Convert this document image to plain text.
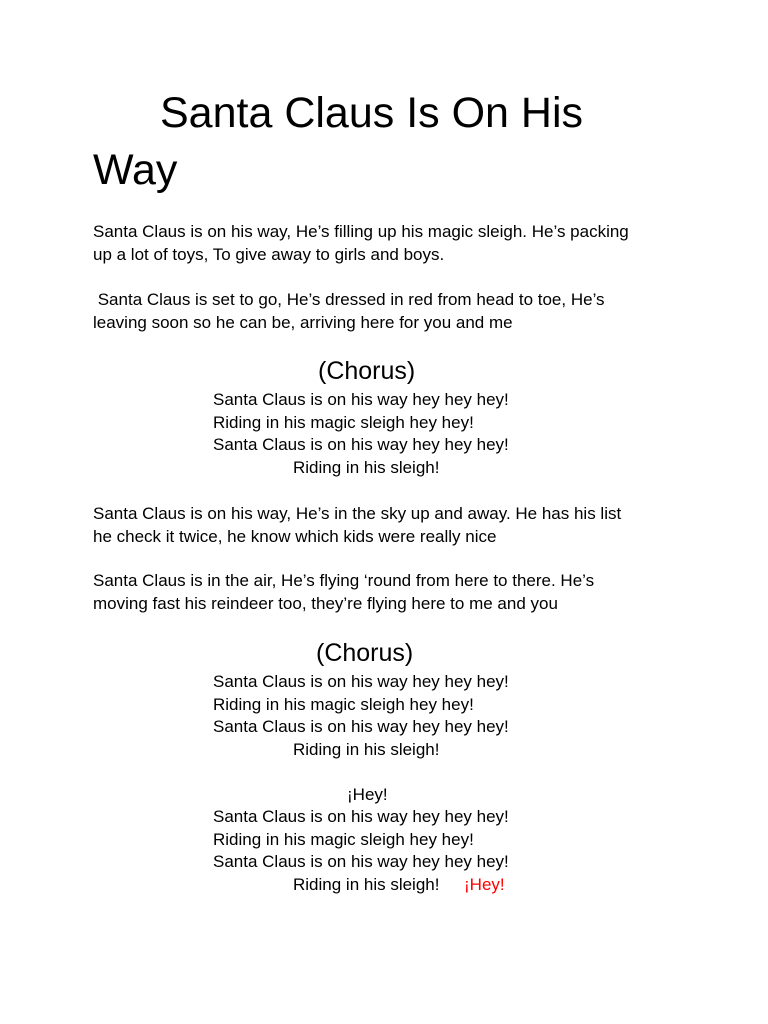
Santa Claus Is On His
Way
Santa Claus is on his way, He’s filling up his magic sleigh. He’s packing
up a lot of toys, To give away to girls and boys.
Santa Claus is set to go, He’s dressed in red from head to toe, He’s
leaving soon so he can be, arriving here for you and me
(Chorus)
Santa Claus is on his way hey hey hey!
Riding in his magic sleigh hey hey!
Santa Claus is on his way hey hey hey!
Riding in his sleigh!
Santa Claus is on his way, He’s in the sky up and away. He has his list
he check it twice, he know which kids were really nice
Santa Claus is in the air, He’s flying ‘round from here to there. He’s
moving fast his reindeer too, they’re flying here to me and you
(Chorus)
Santa Claus is on his way hey hey hey!
Riding in his magic sleigh hey hey!
Santa Claus is on his way hey hey hey!
Riding in his sleigh!
¡Hey!
Santa Claus is on his way hey hey hey!
Riding in his magic sleigh hey hey!
Santa Claus is on his way hey hey hey!
Riding in his sleigh! ¡Hey!
